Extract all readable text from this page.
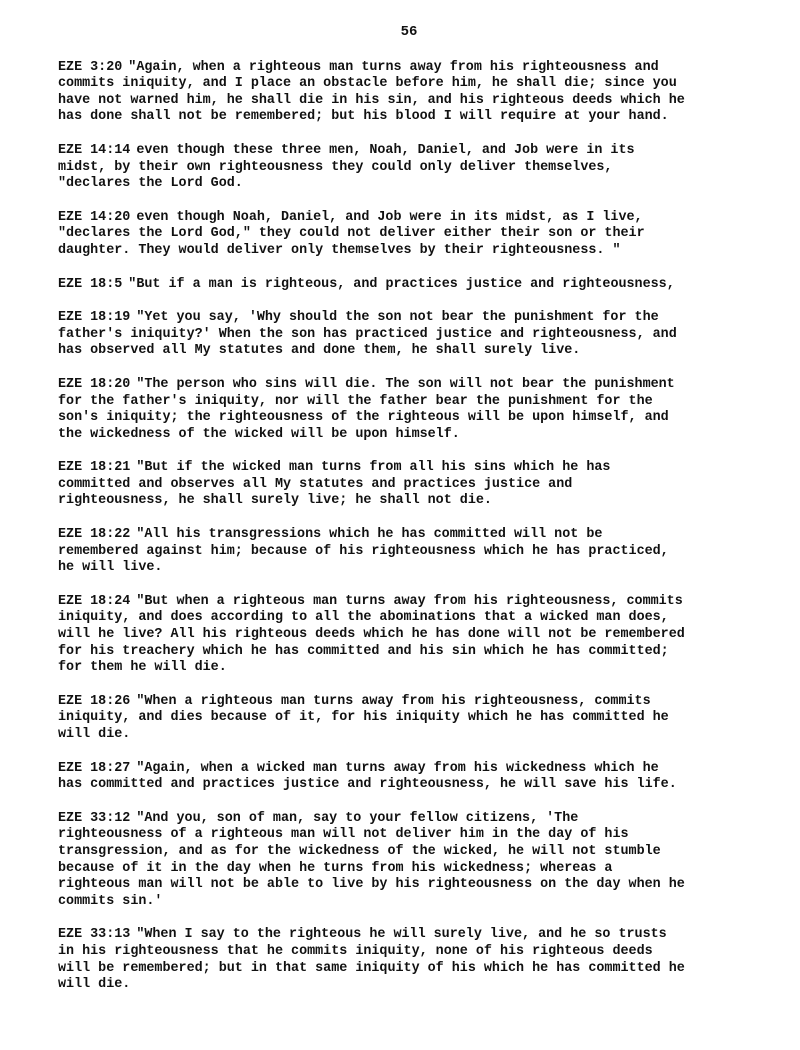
56
EZE 3:20 "Again, when a righteous man turns away from his righteousness and
commits iniquity, and I place an obstacle before him, he shall die; since you
have not warned him, he shall die in his sin, and his righteous deeds which he
has done shall not be remembered; but his blood I will require at your hand.
EZE 14:14 even though these three men, Noah, Daniel, and Job were in its
midst, by their own righteousness they could only deliver themselves,
"declares the Lord God.
EZE 14:20 even though Noah, Daniel, and Job were in its midst, as I live,
"declares the Lord God," they could not deliver either their son or their
daughter. They would deliver only themselves by their righteousness. "
EZE 18:5 "But if a man is righteous, and practices justice and righteousness,
EZE 18:19 "Yet you say, 'Why should the son not bear the punishment for the
father's iniquity?' When the son has practiced justice and righteousness, and
has observed all My statutes and done them, he shall surely live.
EZE 18:20 "The person who sins will die. The son will not bear the punishment
for the father's iniquity, nor will the father bear the punishment for the
son's iniquity; the righteousness of the righteous will be upon himself, and
the wickedness of the wicked will be upon himself.
EZE 18:21 "But if the wicked man turns from all his sins which he has
committed and observes all My statutes and practices justice and
righteousness, he shall surely live; he shall not die.
EZE 18:22 "All his transgressions which he has committed will not be
remembered against him; because of his righteousness which he has practiced,
he will live.
EZE 18:24 "But when a righteous man turns away from his righteousness, commits
iniquity, and does according to all the abominations that a wicked man does,
will he live? All his righteous deeds which he has done will not be remembered
for his treachery which he has committed and his sin which he has committed;
for them he will die.
EZE 18:26 "When a righteous man turns away from his righteousness, commits
iniquity, and dies because of it, for his iniquity which he has committed he
will die.
EZE 18:27 "Again, when a wicked man turns away from his wickedness which he
has committed and practices justice and righteousness, he will save his life.
EZE 33:12 "And you, son of man, say to your fellow citizens, 'The
righteousness of a righteous man will not deliver him in the day of his
transgression, and as for the wickedness of the wicked, he will not stumble
because of it in the day when he turns from his wickedness; whereas a
righteous man will not be able to live by his righteousness on the day when he
commits sin.'
EZE 33:13 "When I say to the righteous he will surely live, and he so trusts
in his righteousness that he commits iniquity, none of his righteous deeds
will be remembered; but in that same iniquity of his which he has committed he
will die.
